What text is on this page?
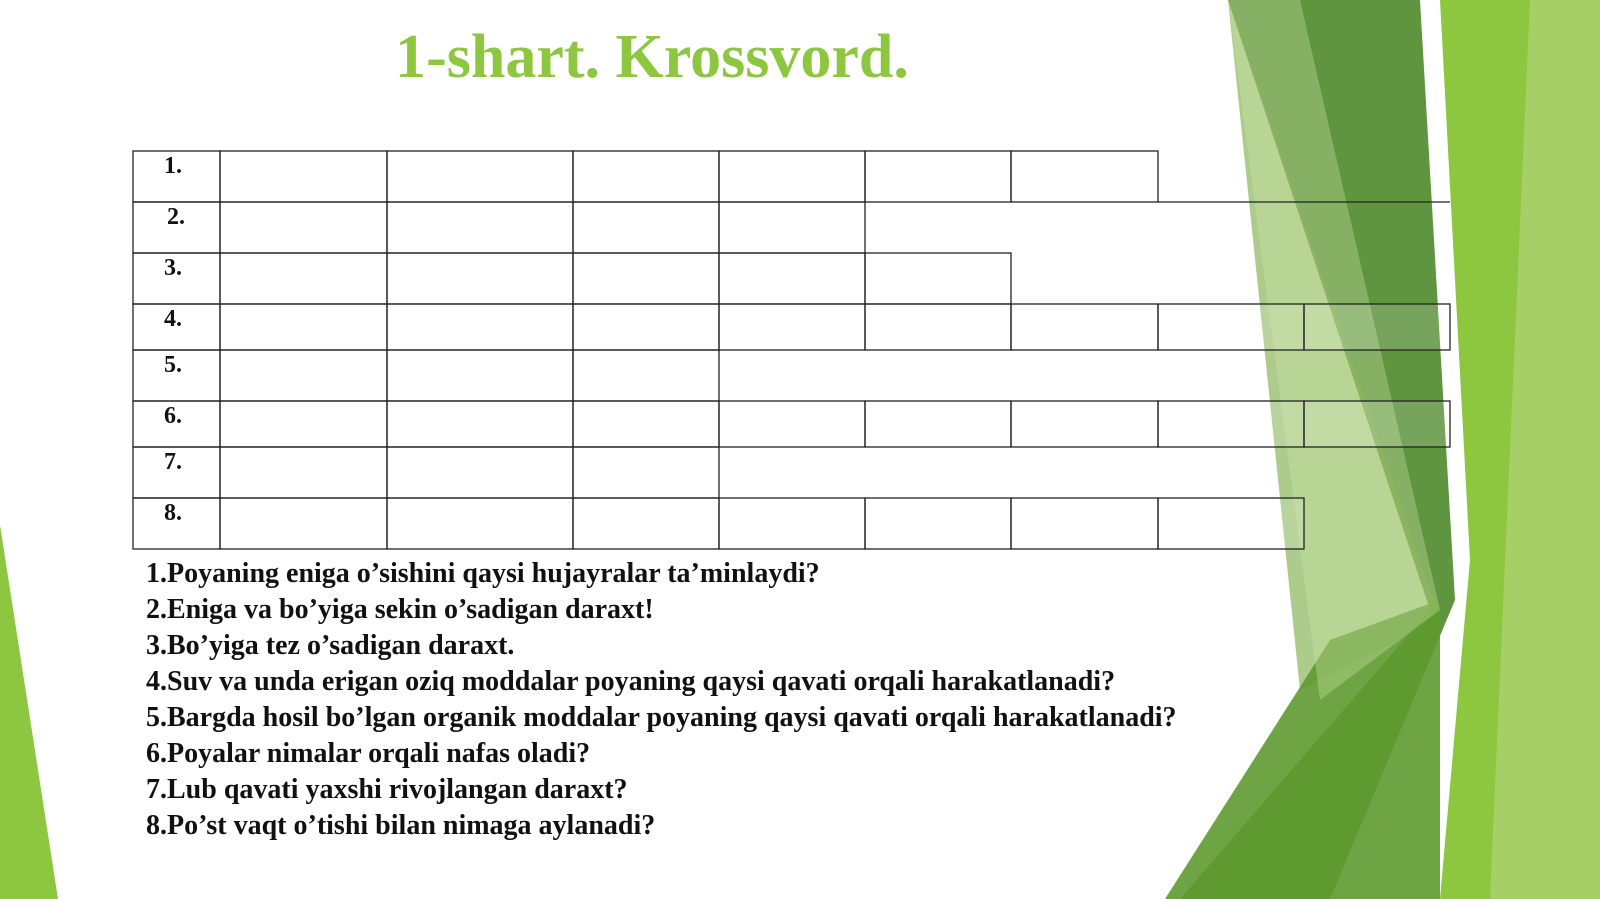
1-shart. Krossvord.
1.
2.
3.
4.
5.
6.
7.
8.
1.Poyaning eniga o’sishini qaysi hujayralar ta’minlaydi?
2.Eniga va bo’yiga sekin o’sadigan daraxt!
3.Bo’yiga tez o’sadigan daraxt.
4.Suv va unda erigan oziq moddalar poyaning qaysi qavati orqali harakatlanadi?
5.Bargda hosil bo’lgan organik moddalar poyaning qaysi qavati orqali harakatlanadi?
6.Poyalar nimalar orqali nafas oladi?
7.Lub qavati yaxshi rivojlangan daraxt?
8.Po’st vaqt o’tishi bilan nimaga aylanadi?
